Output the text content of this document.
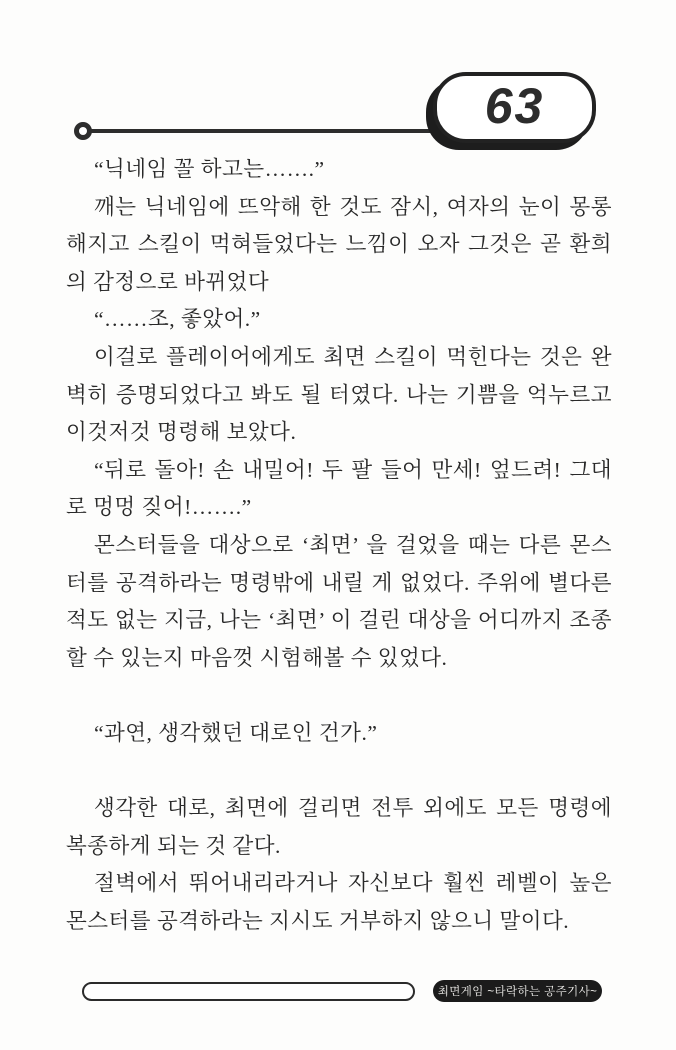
63

“닉네임 꼴 하고는…….”

깨는 닉네임에 뜨악해 한 것도 잠시, 여자의 눈이 몽롱해지고 스킬이 먹혀들었다는 느낌이 오자 그것은 곧 환희의 감정으로 바뀌었다

“……조, 좋았어.”

이걸로 플레이어에게도 최면 스킬이 먹힌다는 것은 완벽히 증명되었다고 봐도 될 터였다. 나는 기쁨을 억누르고 이것저것 명령해 보았다.

“뒤로 돌아! 손 내밀어! 두 팔 들어 만세! 엎드려! 그대로 멍멍 짖어!…….”

몬스터들을 대상으로 ‘최면’ 을 걸었을 때는 다른 몬스터를 공격하라는 명령밖에 내릴 게 없었다. 주위에 별다른 적도 없는 지금, 나는 ‘최면’ 이 걸린 대상을 어디까지 조종할 수 있는지 마음껏 시험해볼 수 있었다.

“과연, 생각했던 대로인 건가.”

생각한 대로, 최면에 걸리면 전투 외에도 모든 명령에 복종하게 되는 것 같다.

절벽에서 뛰어내리라거나 자신보다 훨씬 레벨이 높은 몬스터를 공격하라는 지시도 거부하지 않으니 말이다.

최면게임 ~타락하는 공주기사~
